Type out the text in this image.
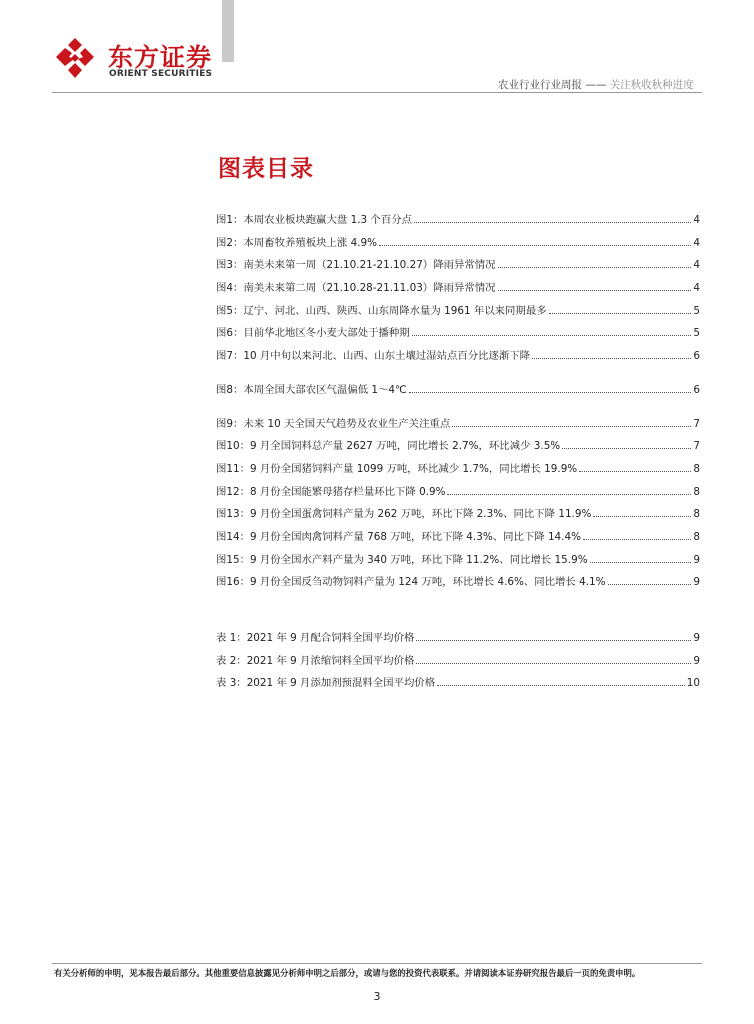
东方证券
ORIENT SECURITIES
农业行业行业周报 —— 关注秋收秋种进度
图表目录
图1：本周农业板块跑赢大盘 1.3 个百分点	4
图2：本周畜牧养殖板块上涨 4.9%	4
图3：南美未来第一周（21.10.21-21.10.27）降雨异常情况	4
图4：南美未来第二周（21.10.28-21.11.03）降雨异常情况	4
图5：辽宁、河北、山西、陕西、山东周降水量为 1961 年以来同期最多	5
图6：目前华北地区冬小麦大部处于播种期	5
图7：10 月中旬以来河北、山西、山东土壤过湿站点百分比逐渐下降	6
图8：本周全国大部农区气温偏低 1～4℃	6
图9：未来 10 天全国天气趋势及农业生产关注重点	7
图10：9 月全国饲料总产量 2627 万吨，同比增长 2.7%，环比减少 3.5%	7
图11：9 月份全国猪饲料产量 1099 万吨，环比减少 1.7%，同比增长 19.9%	8
图12：8 月份全国能繁母猪存栏量环比下降 0.9%	8
图13：9 月份全国蛋禽饲料产量为 262 万吨，环比下降 2.3%、同比下降 11.9%	8
图14：9 月份全国肉禽饲料产量 768 万吨，环比下降 4.3%、同比下降 14.4%	8
图15：9 月份全国水产料产量为 340 万吨，环比下降 11.2%、同比增长 15.9%	9
图16：9 月份全国反刍动物饲料产量为 124 万吨，环比增长 4.6%、同比增长 4.1%	9
表 1：2021 年 9 月配合饲料全国平均价格	9
表 2：2021 年 9 月浓缩饲料全国平均价格	9
表 3：2021 年 9 月添加剂预混料全国平均价格	10
有关分析师的申明，见本报告最后部分。其他重要信息披露见分析师申明之后部分，或请与您的投资代表联系。并请阅读本证券研究报告最后一页的免责申明。
3
